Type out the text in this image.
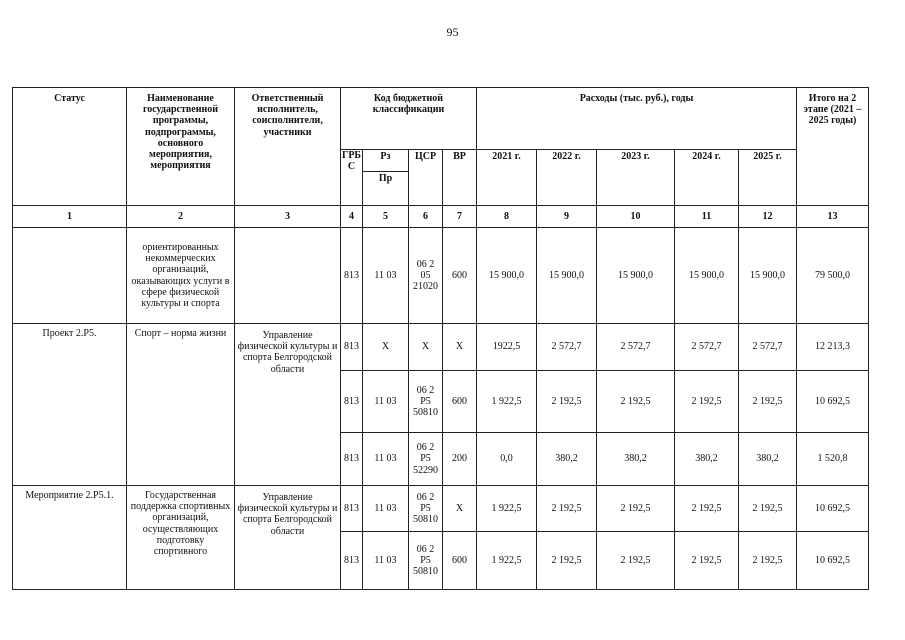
95
Статус	Наименование государственной программы, подпрограммы, основного мероприятия, мероприятия	Ответственный исполнитель, соисполнители, участники	Код бюджетной классификации				Расходы (тыс. руб.), годы					Итого на 2 этапе (2021 –2025 годы)
			ГРБ С	Рз	ЦСР	ВР	2021 г.	2022 г.	2023 г.	2024 г.	2025 г.	
				Пр								
1	2	3	4	5	6	7	8	9	10	11	12	13
	ориентированных некоммерческих организаций, оказывающих услуги в сфере физической культуры и спорта		813	11 03	06 2 05 21020	600	15 900,0	15 900,0	15 900,0	15 900,0	15 900,0	79 500,0
Проект 2.Р5.	Спорт – норма жизни	Управление физической культуры и спорта Белгородской области	813	Х	Х	Х	1922,5	2 572,7	2 572,7	2 572,7	2 572,7	12 213,3
			813	11 03	06 2 Р5 50810	600	1 922,5	2 192,5	2 192,5	2 192,5	2 192,5	10 692,5
			813	11 03	06 2 Р5 52290	200	0,0	380,2	380,2	380,2	380,2	1 520,8
Мероприятие 2.Р5.1.	Государственная поддержка спортивных организаций, осуществляющих подготовку спортивного	Управление физической культуры и спорта Белгородской области	813	11 03	06 2 Р5 50810	Х	1 922,5	2 192,5	2 192,5	2 192,5	2 192,5	10 692,5
			813	11 03	06 2 Р5 50810	600	1 922,5	2 192,5	2 192,5	2 192,5	2 192,5	10 692,5
